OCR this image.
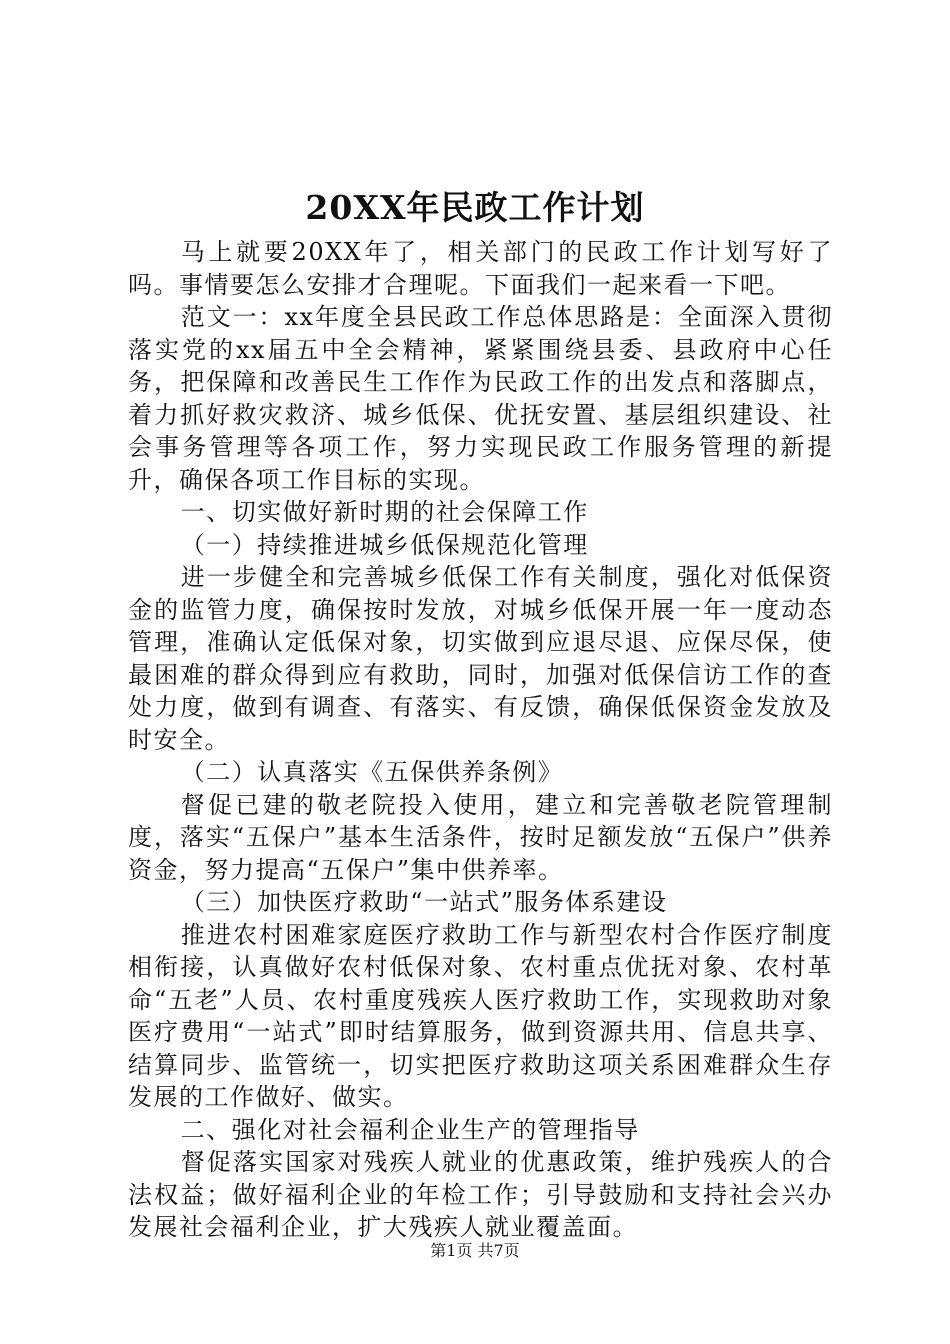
20XX年民政工作计划

马上就要20XX年了，相关部门的民政工作计划写好了吗。事情要怎么安排才合理呢。下面我们一起来看一下吧。

范文一：xx年度全县民政工作总体思路是：全面深入贯彻落实党的xx届五中全会精神，紧紧围绕县委、县政府中心任务，把保障和改善民生工作作为民政工作的出发点和落脚点，着力抓好救灾救济、城乡低保、优抚安置、基层组织建设、社会事务管理等各项工作，努力实现民政工作服务管理的新提升，确保各项工作目标的实现。

一、切实做好新时期的社会保障工作

（一）持续推进城乡低保规范化管理

进一步健全和完善城乡低保工作有关制度，强化对低保资金的监管力度，确保按时发放，对城乡低保开展一年一度动态管理，准确认定低保对象，切实做到应退尽退、应保尽保，使最困难的群众得到应有救助，同时，加强对低保信访工作的查处力度，做到有调查、有落实、有反馈，确保低保资金发放及时安全。

（二）认真落实《五保供养条例》

督促已建的敬老院投入使用，建立和完善敬老院管理制度，落实“五保户”基本生活条件，按时足额发放“五保户”供养资金，努力提高“五保户”集中供养率。

（三）加快医疗救助“一站式”服务体系建设

推进农村困难家庭医疗救助工作与新型农村合作医疗制度相衔接，认真做好农村低保对象、农村重点优抚对象、农村革命“五老”人员、农村重度残疾人医疗救助工作，实现救助对象医疗费用“一站式”即时结算服务，做到资源共用、信息共享、结算同步、监管统一，切实把医疗救助这项关系困难群众生存发展的工作做好、做实。

二、强化对社会福利企业生产的管理指导

督促落实国家对残疾人就业的优惠政策，维护残疾人的合法权益；做好福利企业的年检工作；引导鼓励和支持社会兴办发展社会福利企业，扩大残疾人就业覆盖面。

第1页 共7页
